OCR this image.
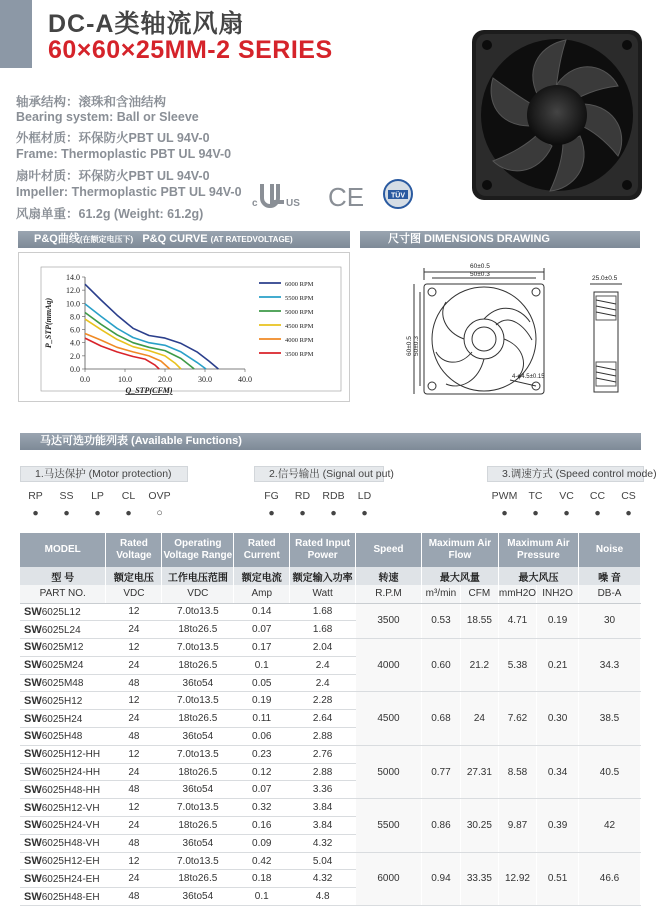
DC-A类轴流风扇
60×60×25MM-2 SERIES
轴承结构：滚珠和含油结构
Bearing system: Ball or Sleeve
外框材质：环保防火PBT UL 94V-0
Frame: Thermoplastic PBT UL 94V-0
扇叶材质：环保防火PBT UL 94V-0
Impeller: Thermoplastic PBT UL 94V-0
风扇单重：61.2g (Weight: 61.2g)
c	US CE	TÜV
P&Q曲线(在额定电压下) P&Q CURVE (AT RATEDVOLTAGE)	尺寸图 DIMENSIONS DRAWING
0.0
2.0
4.0
6.0
8.0
10.0
12.0
14.0
0.0	10.0	20.0	30.0	40.0
Q_STP(CFM)
P_STP(mmAq)
6000 RPM
5500 RPM
5000 RPM
4500 RPM
4000 RPM
3500 RPM
60±0.5
50±0.3
60±0.5 50±0.3
4-φ4.5±0.15
25.0±0.5
马达可选功能列表 (Available Functions)
1.马达保护 (Motor protection)	2.信号输出 (Signal out put)	3.调速方式 (Speed control mode)
RP	SS	LP	CL	OVP
●	●	●	●	○
FG	RD	RDB	LD
●	●	●	●
PWM	TC	VC	CC	CS
●	●	●	●	●
MODEL	Rated Voltage	Operating Voltage Range	Rated Current	Rated Input Power	Speed	Maximum Air Flow		Maximum Air Pressure		Noise
型 号	额定电压	工作电压范围	额定电流	额定输入功率	转速	最大风量		最大风压		噪 音
PART NO.	VDC	VDC	Amp	Watt	R.P.M	m³/min	CFM	mmH2O	INH2O	DB-A
SW6025L12	12	7.0to13.5	0.14	1.68	3500	0.53	18.55	4.71	0.19	30
SW6025L24	24	18to26.5	0.07	1.68						
SW6025M12	12	7.0to13.5	0.17	2.04	4000	0.60	21.2	5.38	0.21	34.3
SW6025M24	24	18to26.5	0.1	2.4						
SW6025M48	48	36to54	0.05	2.4						
SW6025H12	12	7.0to13.5	0.19	2.28	4500	0.68	24	7.62	0.30	38.5
SW6025H24	24	18to26.5	0.11	2.64						
SW6025H48	48	36to54	0.06	2.88						
SW6025H12-HH	12	7.0to13.5	0.23	2.76	5000	0.77	27.31	8.58	0.34	40.5
SW6025H24-HH	24	18to26.5	0.12	2.88						
SW6025H48-HH	48	36to54	0.07	3.36						
SW6025H12-VH	12	7.0to13.5	0.32	3.84	5500	0.86	30.25	9.87	0.39	42
SW6025H24-VH	24	18to26.5	0.16	3.84						
SW6025H48-VH	48	36to54	0.09	4.32						
SW6025H12-EH	12	7.0to13.5	0.42	5.04	6000	0.94	33.35	12.92	0.51	46.6
SW6025H24-EH	24	18to26.5	0.18	4.32						
SW6025H48-EH	48	36to54	0.1	4.8						
